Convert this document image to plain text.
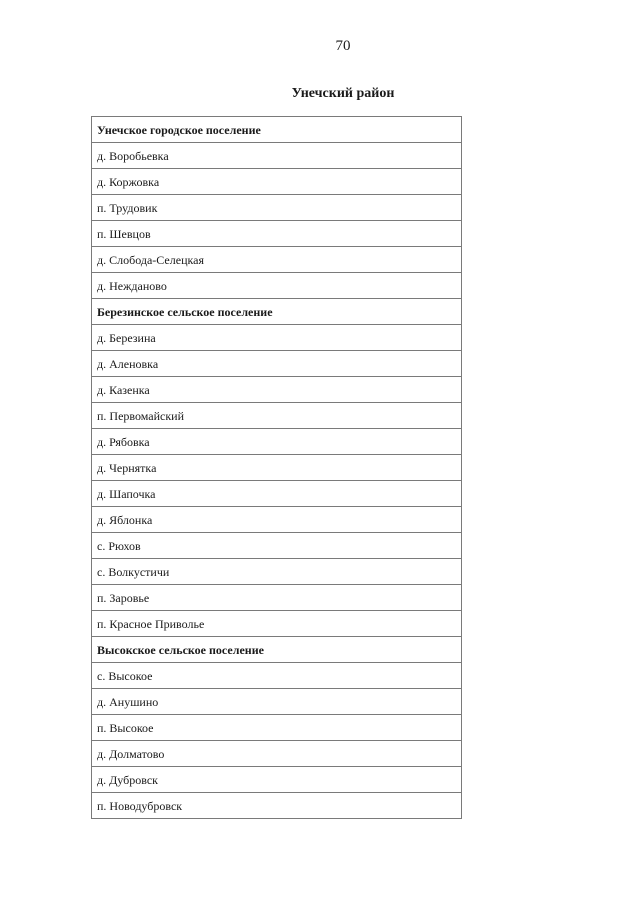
70
Унечский район
Унечское городское поселение
д. Воробьевка
д. Коржовка
п. Трудовик
п. Шевцов
д. Слобода-Селецкая
д. Нежданово
Березинское сельское поселение
д. Березина
д. Аленовка
д. Казенка
п. Первомайский
д. Рябовка
д. Чернятка
д. Шапочка
д. Яблонка
с. Рюхов
с. Волкустичи
п. Заровье
п. Красное Приволье
Высокское сельское поселение
с. Высокое
д. Анушино
п. Высокое
д. Долматово
д. Дубровск
п. Новодубровск
